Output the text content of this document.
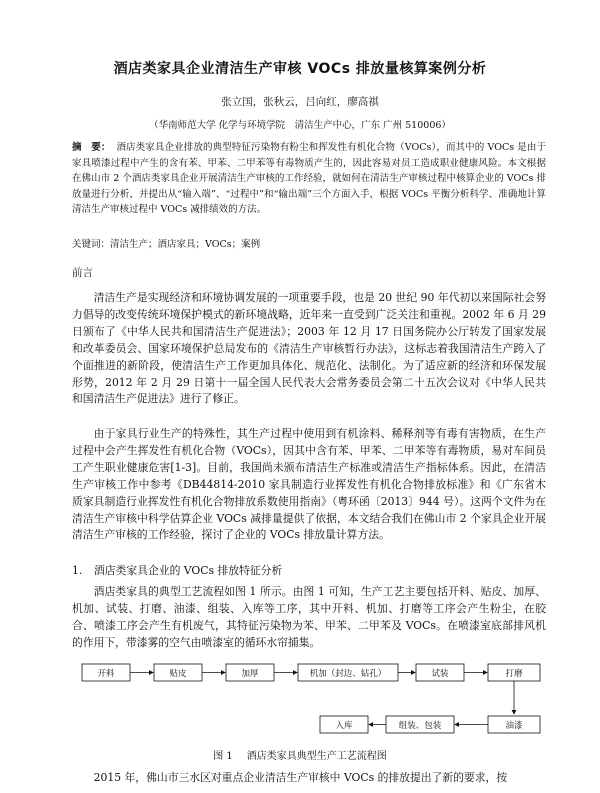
酒店类家具企业清洁生产审核 VOCs 排放量核算案例分析
张立国，张秋云，吕向红，廖高祺
（华南师范大学 化学与环境学院　清洁生产中心，广东 广州 510006）
摘　要： 酒店类家具企业排放的典型特征污染物有粉尘和挥发性有机化合物（VOCs），而其中的 VOCs 是由于家具喷漆过程中产生的含有苯、甲苯、二甲苯等有毒物质产生的，因此容易对员工造成职业健康风险。本文根据在佛山市 2 个酒店类家具企业开展清洁生产审核的工作经验，就如何在清洁生产审核过程中核算企业的 VOCs 排放量进行分析，并提出从“输入端”、“过程中”和“输出端”三个方面入手，根据 VOCs 平衡分析科学、准确地计算清洁生产审核过程中 VOCs 减排绩效的方法。
关键词：清洁生产；酒店家具；VOCs；案例
前言
清洁生产是实现经济和环境协调发展的一项重要手段，也是 20 世纪 90 年代初以来国际社会努力倡导的改变传统环境保护模式的新环境战略，近年来一直受到广泛关注和重视。2002 年 6 月 29 日颁布了《中华人民共和国清洁生产促进法》；2003 年 12 月 17 日国务院办公厅转发了国家发展和改革委员会、国家环境保护总局发布的《清洁生产审核暂行办法》，这标志着我国清洁生产跨入了个面推进的新阶段，使清洁生产工作更加具体化、规范化、法制化。为了适应新的经济和环保发展形势，2012 年 2 月 29 日第十一届全国人民代表大会常务委员会第二十五次会议对《中华人民共和国清洁生产促进法》进行了修正。
由于家具行业生产的特殊性，其生产过程中使用到有机涂料、稀释剂等有毒有害物质，在生产过程中会产生挥发性有机化合物（VOCs），因其中含有苯、甲苯、二甲苯等有毒物质，易对车间员工产生职业健康危害[1-3]。目前，我国尚未颁布清洁生产标准或清洁生产指标体系。因此，在清洁生产审核工作中参考《DB44814-2010 家具制造行业挥发性有机化合物排放标准》和《广东省木质家具制造行业挥发性有机化合物排放系数使用指南》（粤环函〔2013〕944 号）。这两个文件为在清洁生产审核中科学估算企业 VOCs 减排量提供了依据，本文结合我们在佛山市 2 个家具企业开展清洁生产审核的工作经验，探讨了企业的 VOCs 排放量计算方法。
1. 酒店类家具企业的 VOCs 排放特征分析
酒店类家具的典型工艺流程如图 1 所示。由图 1 可知，生产工艺主要包括开料、贴皮、加厚、机加、试装、打磨、油漆、组装、入库等工序，其中开料、机加、打磨等工序会产生粉尘，在胶合、喷漆工序会产生有机废气，其特征污染物为苯、甲苯、二甲苯及 VOCs。在喷漆室底部排风机的作用下，带漆雾的空气由喷漆室的循环水帘捕集。
开料	贴皮	加厚	机加（封边、钻孔）	试装	打磨
入库	组装、包装	油漆
图 1 酒店类家具典型生产工艺流程图
2015 年，佛山市三水区对重点企业清洁生产审核中 VOCs 的排放提出了新的要求，按
